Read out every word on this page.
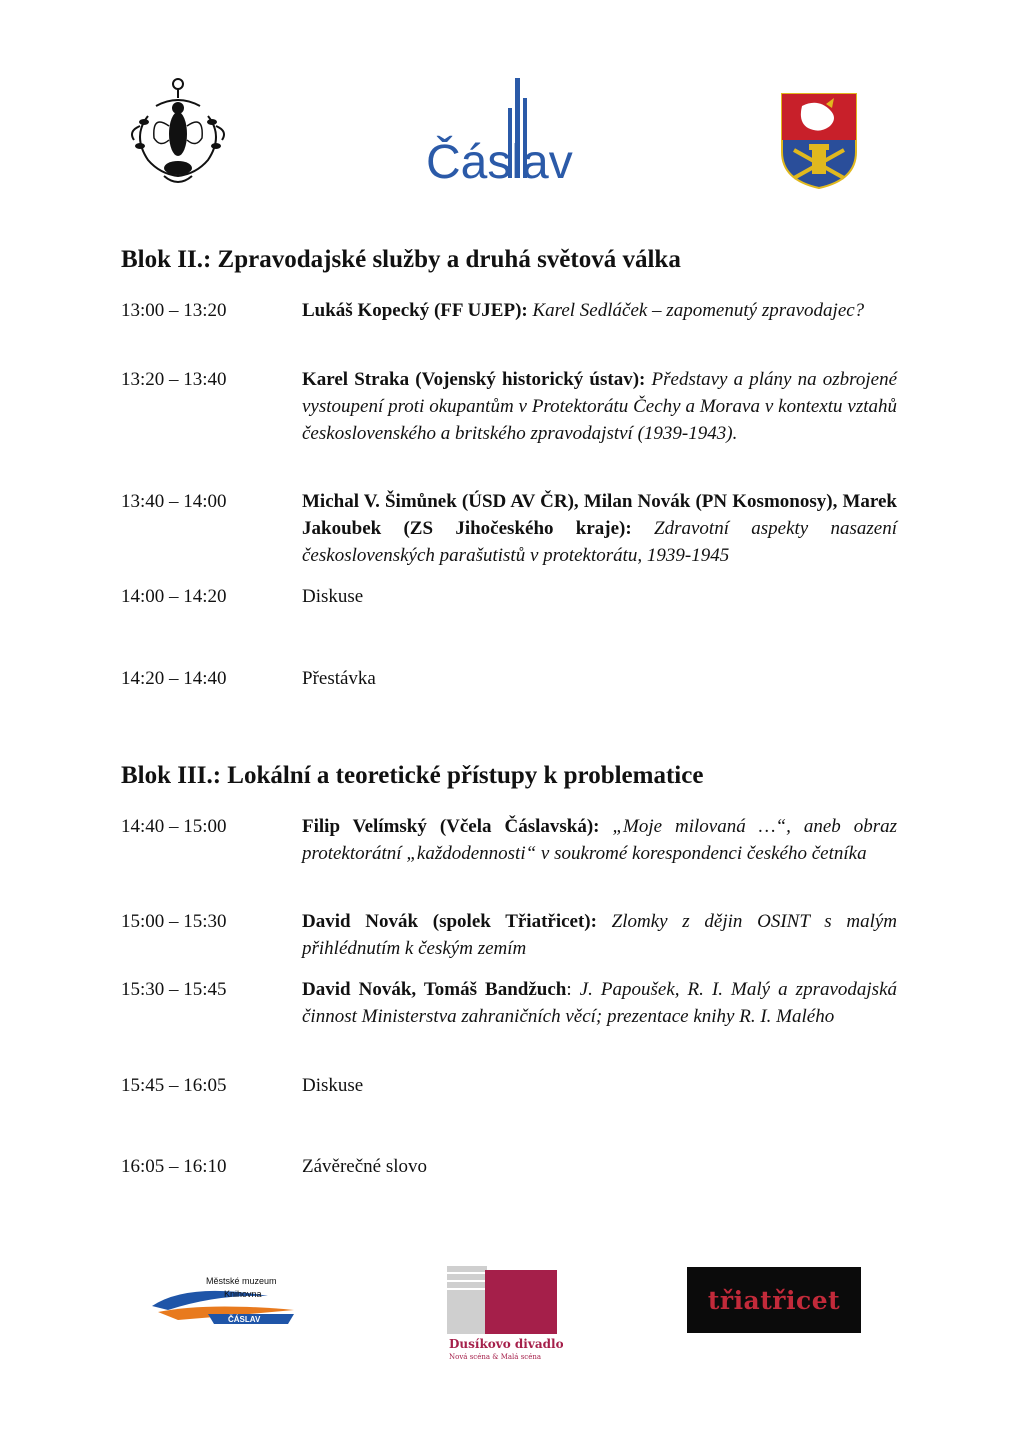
Čáslav
Blok II.: Zpravodajské služby a druhá světová válka
13:00 – 13:20	Lukáš Kopecký (FF UJEP): Karel Sedláček – zapomenutý zpravodajec?
13:20 – 13:40	Karel Straka (Vojenský historický ústav): Představy a plány na ozbrojené vystoupení proti okupantům v Protektorátu Čechy a Morava v kontextu vztahů československého a britského zpravodajství (1939-1943).
13:40 – 14:00	Michal V. Šimůnek (ÚSD AV ČR), Milan Novák (PN Kosmonosy), Marek Jakoubek (ZS Jihočeského kraje): Zdravotní aspekty nasazení československých parašutistů v protektorátu, 1939-1945
14:00 – 14:20	Diskuse
14:20 – 14:40	Přestávka
Blok III.: Lokální a teoretické přístupy k problematice
14:40 – 15:00	Filip Velímský (Včela Čáslavská): „Moje milovaná …“, aneb obraz protektorátní „každodennosti“ v soukromé korespondenci českého četníka
15:00 – 15:30	David Novák (spolek Třiatřicet): Zlomky z dějin OSINT s malým přihlédnutím k českým zemím
15:30 – 15:45	David Novák, Tomáš Bandžuch: J. Papoušek, R. I. Malý a zpravodajská činnost Ministerstva zahraničních věcí; prezentace knihy R. I. Malého
15:45 – 16:05	Diskuse
16:05 – 16:10	Závěrečné slovo
Městské muzeum
Knihovna
ČÁSLAV
Dusíkovo divadlo
Nová scéna & Malá scéna
třiatřicet
